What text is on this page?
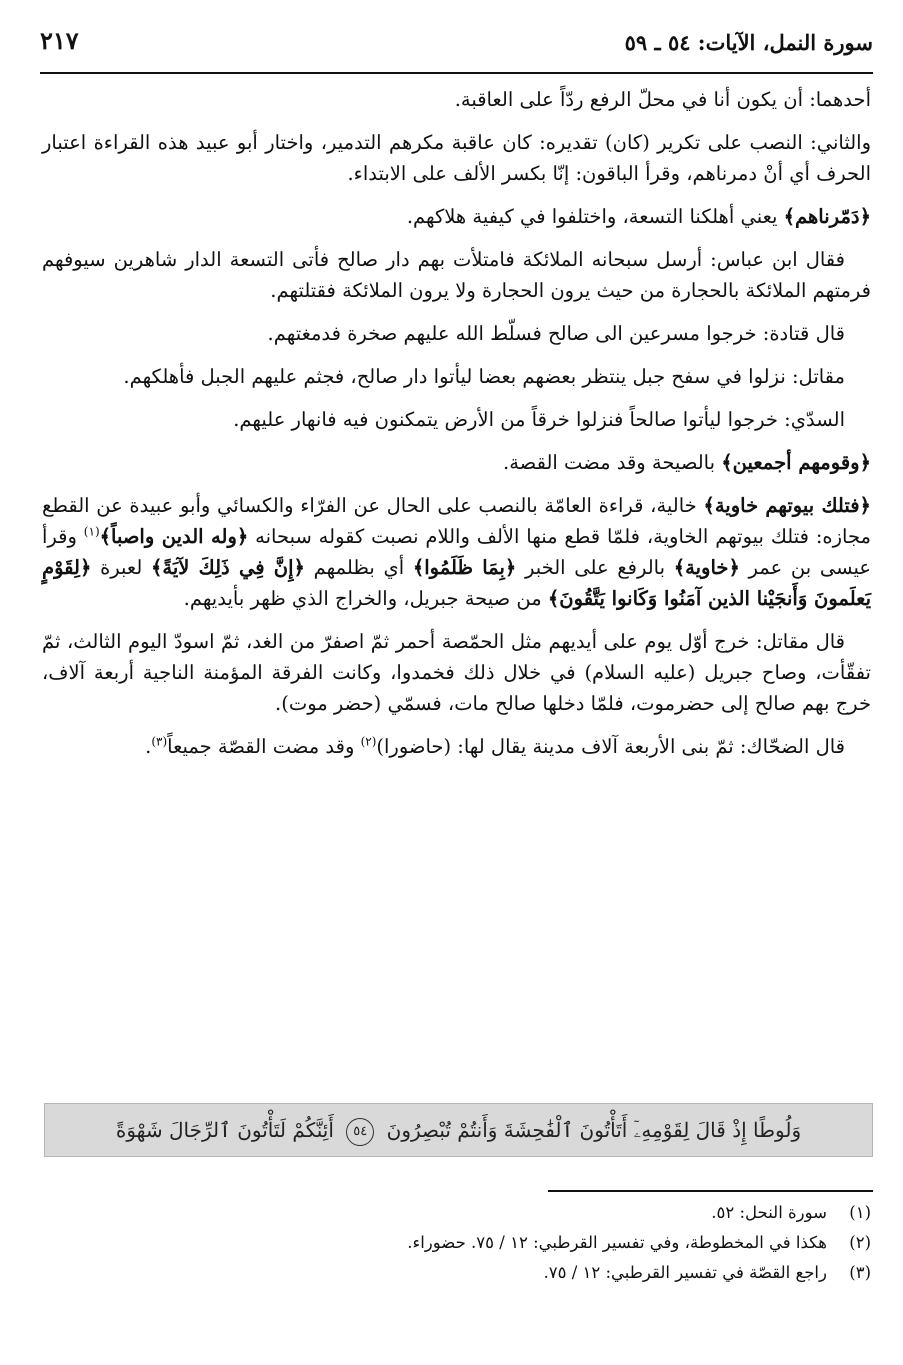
سورة النمل، الآيات: ٥٤ ـ ٥٩
٢١٧

أحدهما: أن يكون أنا في محلّ الرفع ردّاً على العاقبة.

والثاني: النصب على تكرير (كان) تقديره: كان عاقبة مكرهم التدمير، واختار أبو عبيد هذه القراءة اعتبار الحرف أي أنْ دمرناهم، وقرأ الباقون: إنّا بكسر الألف على الابتداء.

﴿دَمّرناهم﴾ يعني أهلكنا التسعة، واختلفوا في كيفية هلاكهم.

فقال ابن عباس: أرسل سبحانه الملائكة فامتلأت بهم دار صالح فأتى التسعة الدار شاهرين سيوفهم فرمتهم الملائكة بالحجارة من حيث يرون الحجارة ولا يرون الملائكة فقتلتهم.

قال قتادة: خرجوا مسرعين الى صالح فسلّط الله عليهم صخرة فدمغتهم.

مقاتل: نزلوا في سفح جبل ينتظر بعضهم بعضا ليأتوا دار صالح، فجثم عليهم الجبل فأهلكهم.

السدّي: خرجوا ليأتوا صالحاً فنزلوا خرقاً من الأرض يتمكنون فيه فانهار عليهم.

﴿وقومهم أجمعين﴾ بالصيحة وقد مضت القصة.

﴿فتلك بيوتهم خاوية﴾ خالية، قراءة العامّة بالنصب على الحال عن الفرّاء والكسائي وأبو عبيدة عن القطع مجازه: فتلك بيوتهم الخاوية، فلمّا قطع منها الألف واللام نصبت كقوله سبحانه ﴿وله الدين واصباً﴾$^{(١)}$ وقرأ عيسى بن عمر ﴿خاوية﴾ بالرفع على الخبر ﴿بِمَا ظَلَمُوا﴾ أي بظلمهم ﴿إِنَّ فِي ذَلِكَ لآيَةً﴾ لعبرة ﴿لِقَوْمٍ يَعلَمونَ وَأَنجَيْنا الذين آمَنُوا وَكَانوا يَتَّقُونَ﴾ من صيحة جبريل، والخراج الذي ظهر بأيديهم.

قال مقاتل: خرج أوّل يوم على أيديهم مثل الحمّصة أحمر ثمّ اصفرّ من الغد، ثمّ اسودّ اليوم الثالث، ثمّ تفقّأت، وصاح جبريل (عليه السلام) في خلال ذلك فخمدوا، وكانت الفرقة المؤمنة الناجية أربعة آلاف، خرج بهم صالح إلى حضرموت، فلمّا دخلها صالح مات، فسمّي (حضر موت).

قال الضحّاك: ثمّ بنى الأربعة آلاف مدينة يقال لها: (حاضورا)$^{(٢)}$ وقد مضت القصّة جميعاً$^{(٣)}$.

وَلُوطًا إِذْ قَالَ لِقَوْمِهِۦٓ أَتَأْتُونَ ٱلْفَٰحِشَةَ وَأَنتُمْ تُبْصِرُونَ ٥٤ أَئِنَّكُمْ لَتَأْتُونَ ٱلرِّجَالَ شَهْوَةً
(١)سورة النحل: ٥٢.
(٢)هكذا في المخطوطة، وفي تفسير القرطبي: ١٢ / ٧٥. حضوراء.
(٣)راجع القصّة في تفسير القرطبي: ١٢ / ٧٥.
